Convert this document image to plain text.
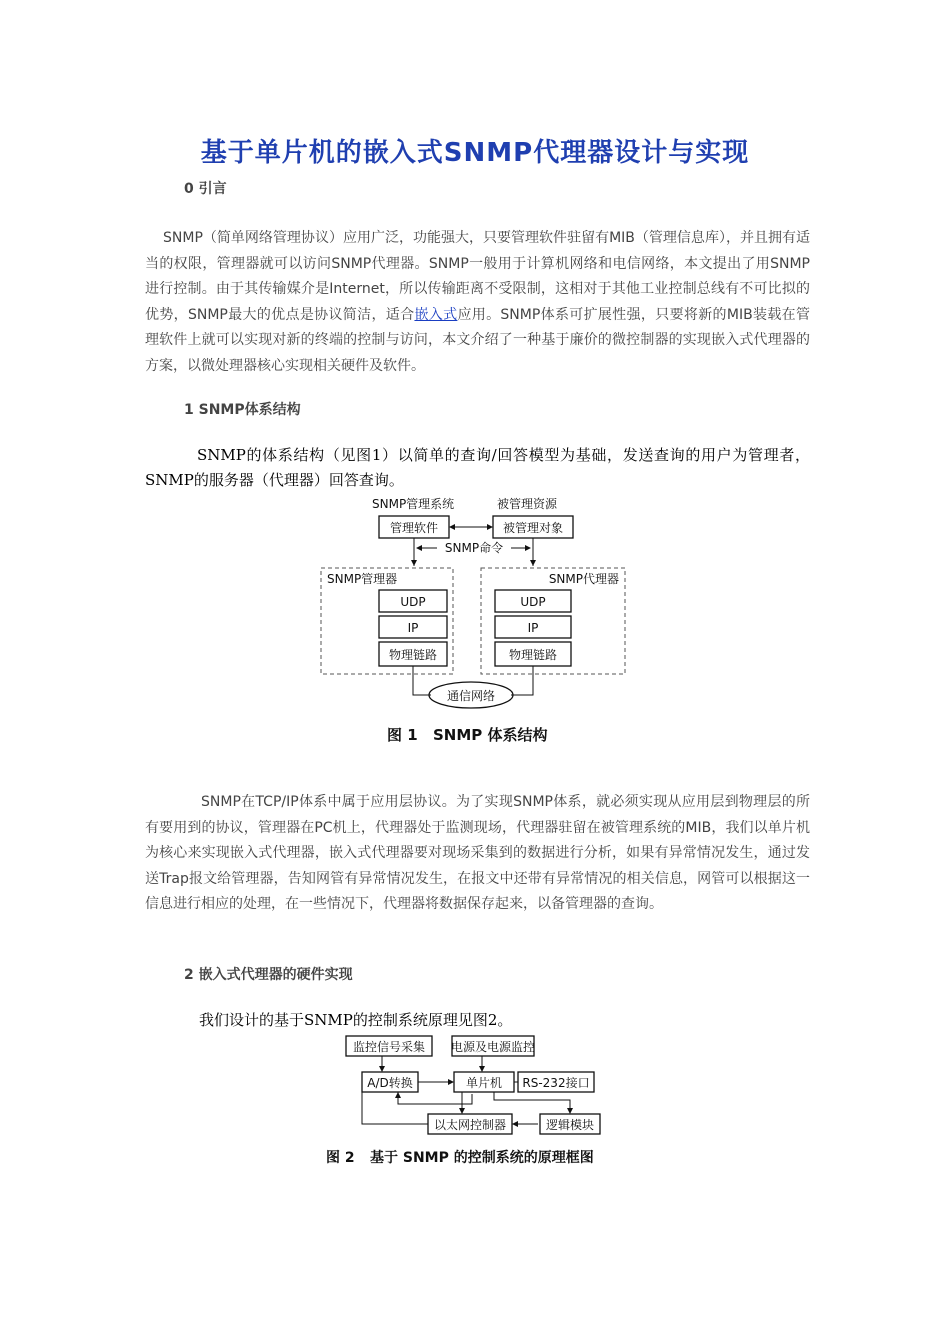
基于单片机的嵌入式SNMP代理器设计与实现
0 引言
SNMP（简单网络管理协议）应用广泛，功能强大，只要管理软件驻留有MIB（管理信息库），并且拥有适当的权限，管理器就可以访问SNMP代理器。SNMP一般用于计算机网络和电信网络，本文提出了用SNMP进行控制。由于其传输媒介是Internet，所以传输距离不受限制，这相对于其他工业控制总线有不可比拟的优势，SNMP最大的优点是协议简洁，适合嵌入式应用。SNMP体系可扩展性强，只要将新的MIB装载在管理软件上就可以实现对新的终端的控制与访问，本文介绍了一种基于廉价的微控制器的实现嵌入式代理器的方案，以微处理器核心实现相关硬件及软件。
1 SNMP体系结构
SNMP的体系结构（见图1）以简单的查询/回答模型为基础，发送查询的用户为管理者，SNMP的服务器（代理器）回答查询。
SNMP管理系统	被管理资源
管理软件	被管理对象
SNMP命令
SNMP管理器
UDP
IP
物理链路
SNMP代理器
UDP
IP
物理链路
通信网络
图 1 SNMP 体系结构
SNMP在TCP/IP体系中属于应用层协议。为了实现SNMP体系，就必须实现从应用层到物理层的所有要用到的协议，管理器在PC机上，代理器处于监测现场，代理器驻留在被管理系统的MIB，我们以单片机为核心来实现嵌入式代理器，嵌入式代理器要对现场采集到的数据进行分析，如果有异常情况发生，通过发送Trap报文给管理器，告知网管有异常情况发生，在报文中还带有异常情况的相关信息，网管可以根据这一信息进行相应的处理，在一些情况下，代理器将数据保存起来，以备管理器的查询。
2 嵌入式代理器的硬件实现
我们设计的基于SNMP的控制系统原理见图2。
监控信号采集 电源及电源监控
A/D转换	单片机 RS-232接口
以太网控制器	逻辑模块
图 2 基于 SNMP 的控制系统的原理框图
